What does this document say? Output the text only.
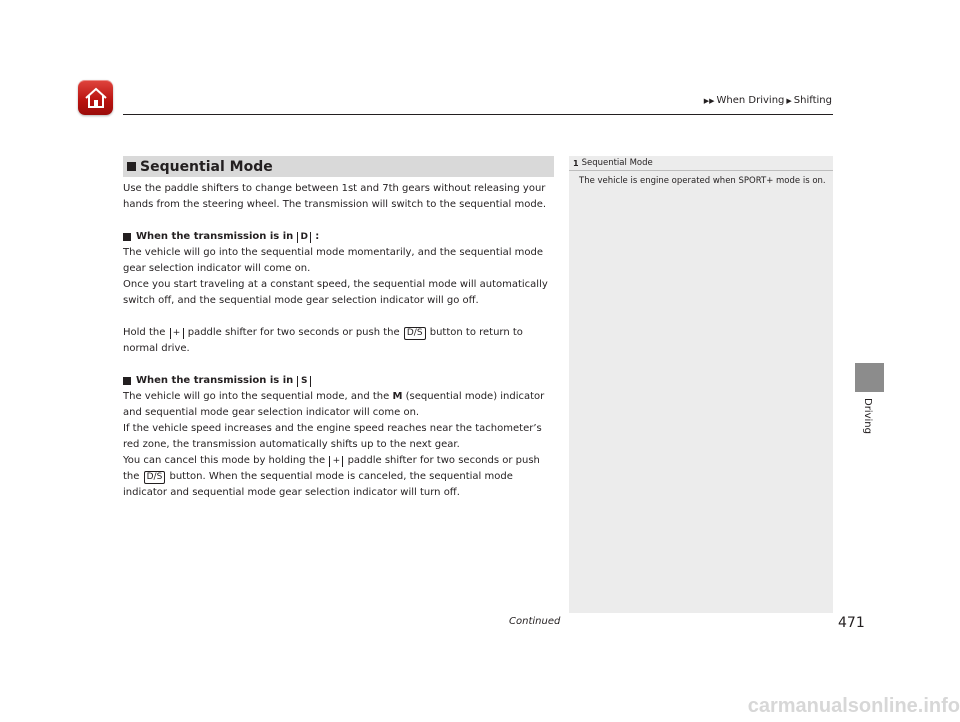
▶▶ When Driving ▶ Shifting
Driving
Sequential Mode	1 Sequential Mode
The vehicle is engine operated when SPORT+ mode is on.

Use the paddle shifters to change between 1st and 7th gears without releasing your hands from the steering wheel. The transmission will switch to the sequential mode.

When the transmission is in D :

The vehicle will go into the sequential mode momentarily, and the sequential mode gear selection indicator will come on.

Once you start traveling at a constant speed, the sequential mode will automatically switch off, and the sequential mode gear selection indicator will go off.

Hold the + paddle shifter for two seconds or push the D/S button to return to normal drive.

When the transmission is in S

The vehicle will go into the sequential mode, and the M (sequential mode) indicator and sequential mode gear selection indicator will come on.

If the vehicle speed increases and the engine speed reaches near the tachometer’s red zone, the transmission automatically shifts up to the next gear.

You can cancel this mode by holding the + paddle shifter for two seconds or push the D/S button. When the sequential mode is canceled, the sequential mode indicator and sequential mode gear selection indicator will turn off.

Continued	471
carmanualsonline.info
